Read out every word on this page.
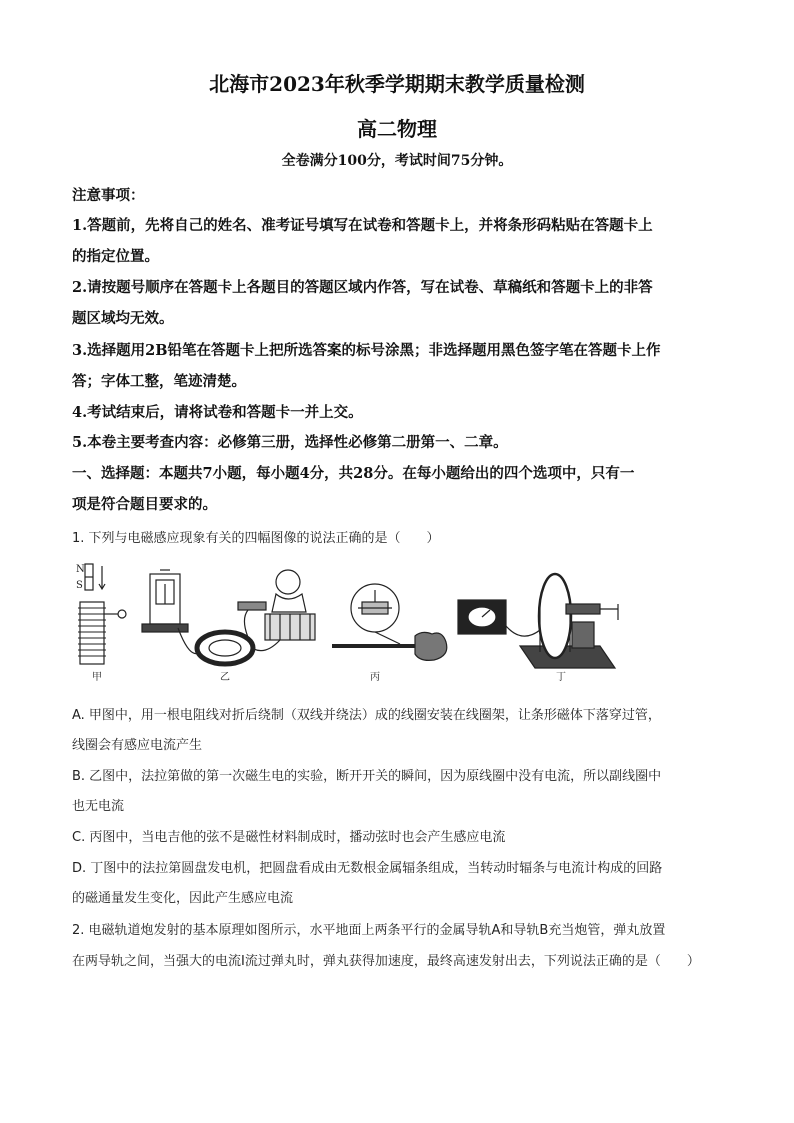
北海市2023年秋季学期期末教学质量检测
高二物理
全卷满分100分，考试时间75分钟。
注意事项：
1.答题前，先将自己的姓名、准考证号填写在试卷和答题卡上，并将条形码粘贴在答题卡上
的指定位置。
2.请按题号顺序在答题卡上各题目的答题区域内作答，写在试卷、草稿纸和答题卡上的非答
题区域均无效。
3.选择题用2B铅笔在答题卡上把所选答案的标号涂黑；非选择题用黑色签字笔在答题卡上作
答；字体工整，笔迹清楚。
4.考试结束后，请将试卷和答题卡一并上交。
5.本卷主要考查内容：必修第三册，选择性必修第二册第一、二章。
一、选择题：本题共7小题，每小题4分，共28分。在每小题给出的四个选项中，只有一
项是符合题目要求的。
1. 下列与电磁感应现象有关的四幅图像的说法正确的是（　　）
N
S
甲	乙	丙	丁
A. 甲图中，用一根电阻线对折后绕制（双线并绕法）成的线圈安装在线圈架，让条形磁体下落穿过管，
线圈会有感应电流产生
B. 乙图中，法拉第做的第一次磁生电的实验，断开开关的瞬间，因为原线圈中没有电流，所以副线圈中
也无电流
C. 丙图中，当电吉他的弦不是磁性材料制成时，播动弦时也会产生感应电流
D. 丁图中的法拉第圆盘发电机，把圆盘看成由无数根金属辐条组成，当转动时辐条与电流计构成的回路
的磁通量发生变化，因此产生感应电流
2. 电磁轨道炮发射的基本原理如图所示，水平地面上两条平行的金属导轨A和导轨B充当炮管，弹丸放置
在两导轨之间，当强大的电流I流过弹丸时，弹丸获得加速度，最终高速发射出去，下列说法正确的是（　　）
